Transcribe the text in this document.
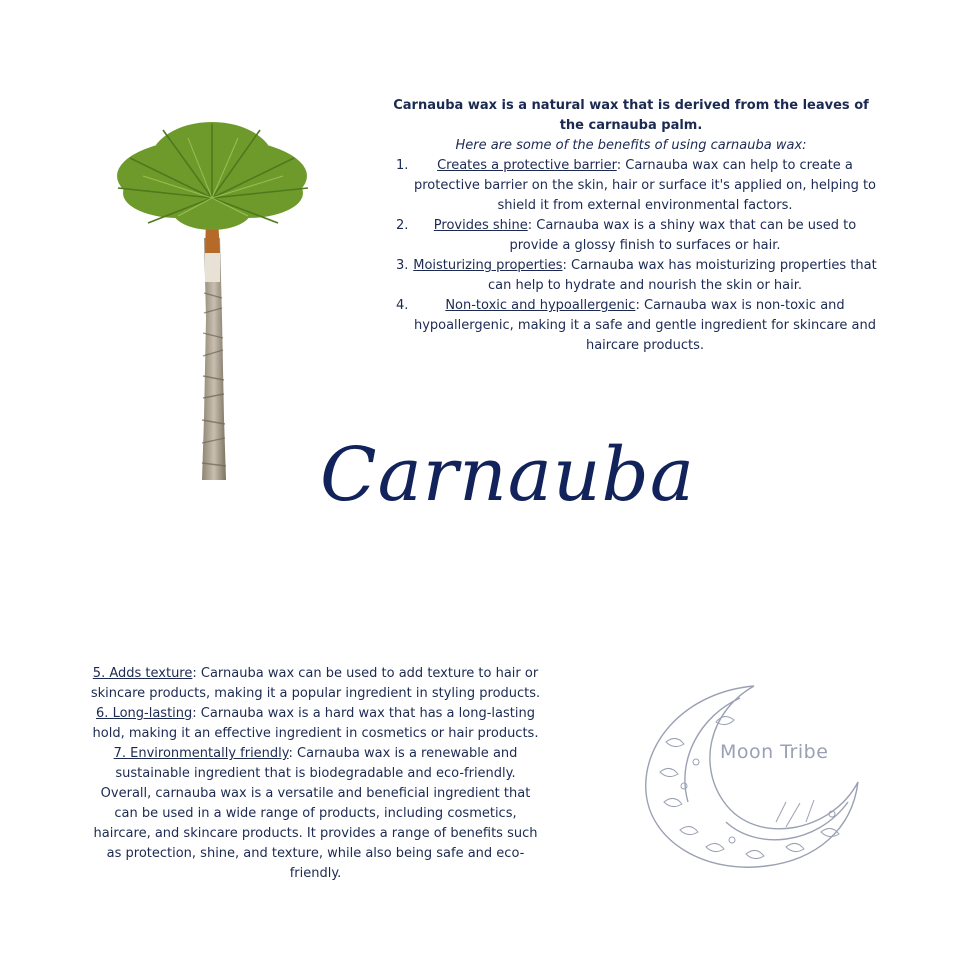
Carnauba wax is a natural wax that is derived from the leaves of the carnauba palm.
Here are some of the benefits of using carnauba wax:
1. Creates a protective barrier: Carnauba wax can help to create a protective barrier on the skin, hair or surface it's applied on, helping to shield it from external environmental factors.
2. Provides shine: Carnauba wax is a shiny wax that can be used to provide a glossy finish to surfaces or hair.
3. Moisturizing properties: Carnauba wax has moisturizing properties that can help to hydrate and nourish the skin or hair.
4.	Non-toxic and hypoallergenic: Carnauba wax is non-toxic and hypoallergenic, making it a safe and gentle ingredient for skincare and haircare products.
Carnauba

5. Adds texture: Carnauba wax can be used to add texture to hair or skincare products, making it a popular ingredient in styling products.

6. Long-lasting: Carnauba wax is a hard wax that has a long-lasting hold, making it an effective ingredient in cosmetics or hair products.

7. Environmentally friendly: Carnauba wax is a renewable and sustainable ingredient that is biodegradable and eco-friendly.

Overall, carnauba wax is a versatile and beneficial ingredient that can be used in a wide range of products, including cosmetics, haircare, and skincare products. It provides a range of benefits such as protection, shine, and texture, while also being safe and eco-friendly.

Moon Tribe
